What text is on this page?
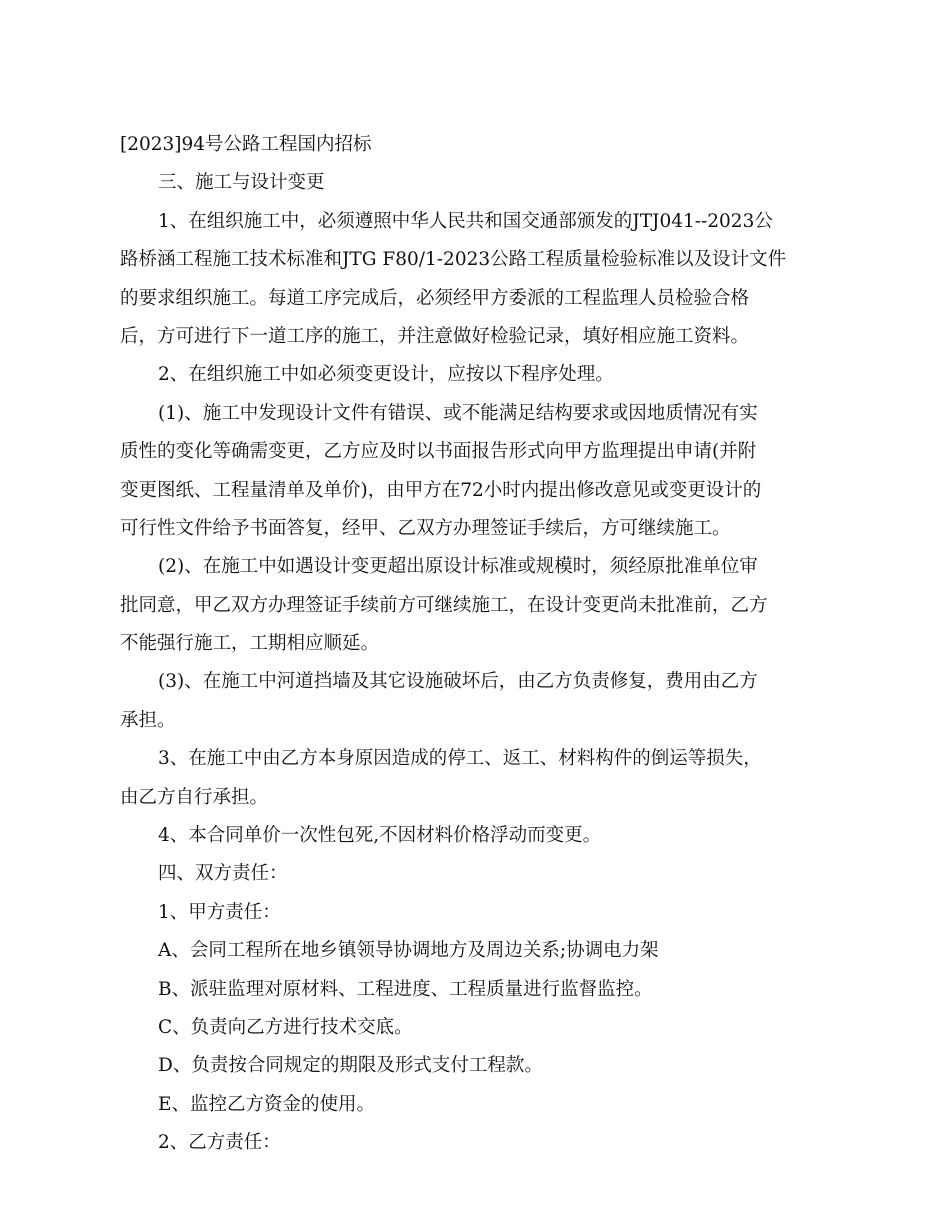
[2023]94号公路工程国内招标
三、施工与设计变更
1、在组织施工中，必须遵照中华人民共和国交通部颁发的JTJ041--2023公
路桥涵工程施工技术标准和JTG F80/1-2023公路工程质量检验标准以及设计文件
的要求组织施工。每道工序完成后，必须经甲方委派的工程监理人员检验合格
后，方可进行下一道工序的施工，并注意做好检验记录，填好相应施工资料。
2、在组织施工中如必须变更设计，应按以下程序处理。
(1)、施工中发现设计文件有错误、或不能满足结构要求或因地质情况有实
质性的变化等确需变更，乙方应及时以书面报告形式向甲方监理提出申请(并附
变更图纸、工程量清单及单价)，由甲方在72小时内提出修改意见或变更设计的
可行性文件给予书面答复，经甲、乙双方办理签证手续后，方可继续施工。
(2)、在施工中如遇设计变更超出原设计标准或规模时，须经原批准单位审
批同意，甲乙双方办理签证手续前方可继续施工，在设计变更尚未批准前，乙方
不能强行施工，工期相应顺延。
(3)、在施工中河道挡墙及其它设施破坏后，由乙方负责修复，费用由乙方
承担。
3、在施工中由乙方本身原因造成的停工、返工、材料构件的倒运等损失，
由乙方自行承担。
4、本合同单价一次性包死,不因材料价格浮动而变更。
四、双方责任：
1、甲方责任：
A、会同工程所在地乡镇领导协调地方及周边关系;协调电力架
B、派驻监理对原材料、工程进度、工程质量进行监督监控。
C、负责向乙方进行技术交底。
D、负责按合同规定的期限及形式支付工程款。
E、监控乙方资金的使用。
2、乙方责任：
